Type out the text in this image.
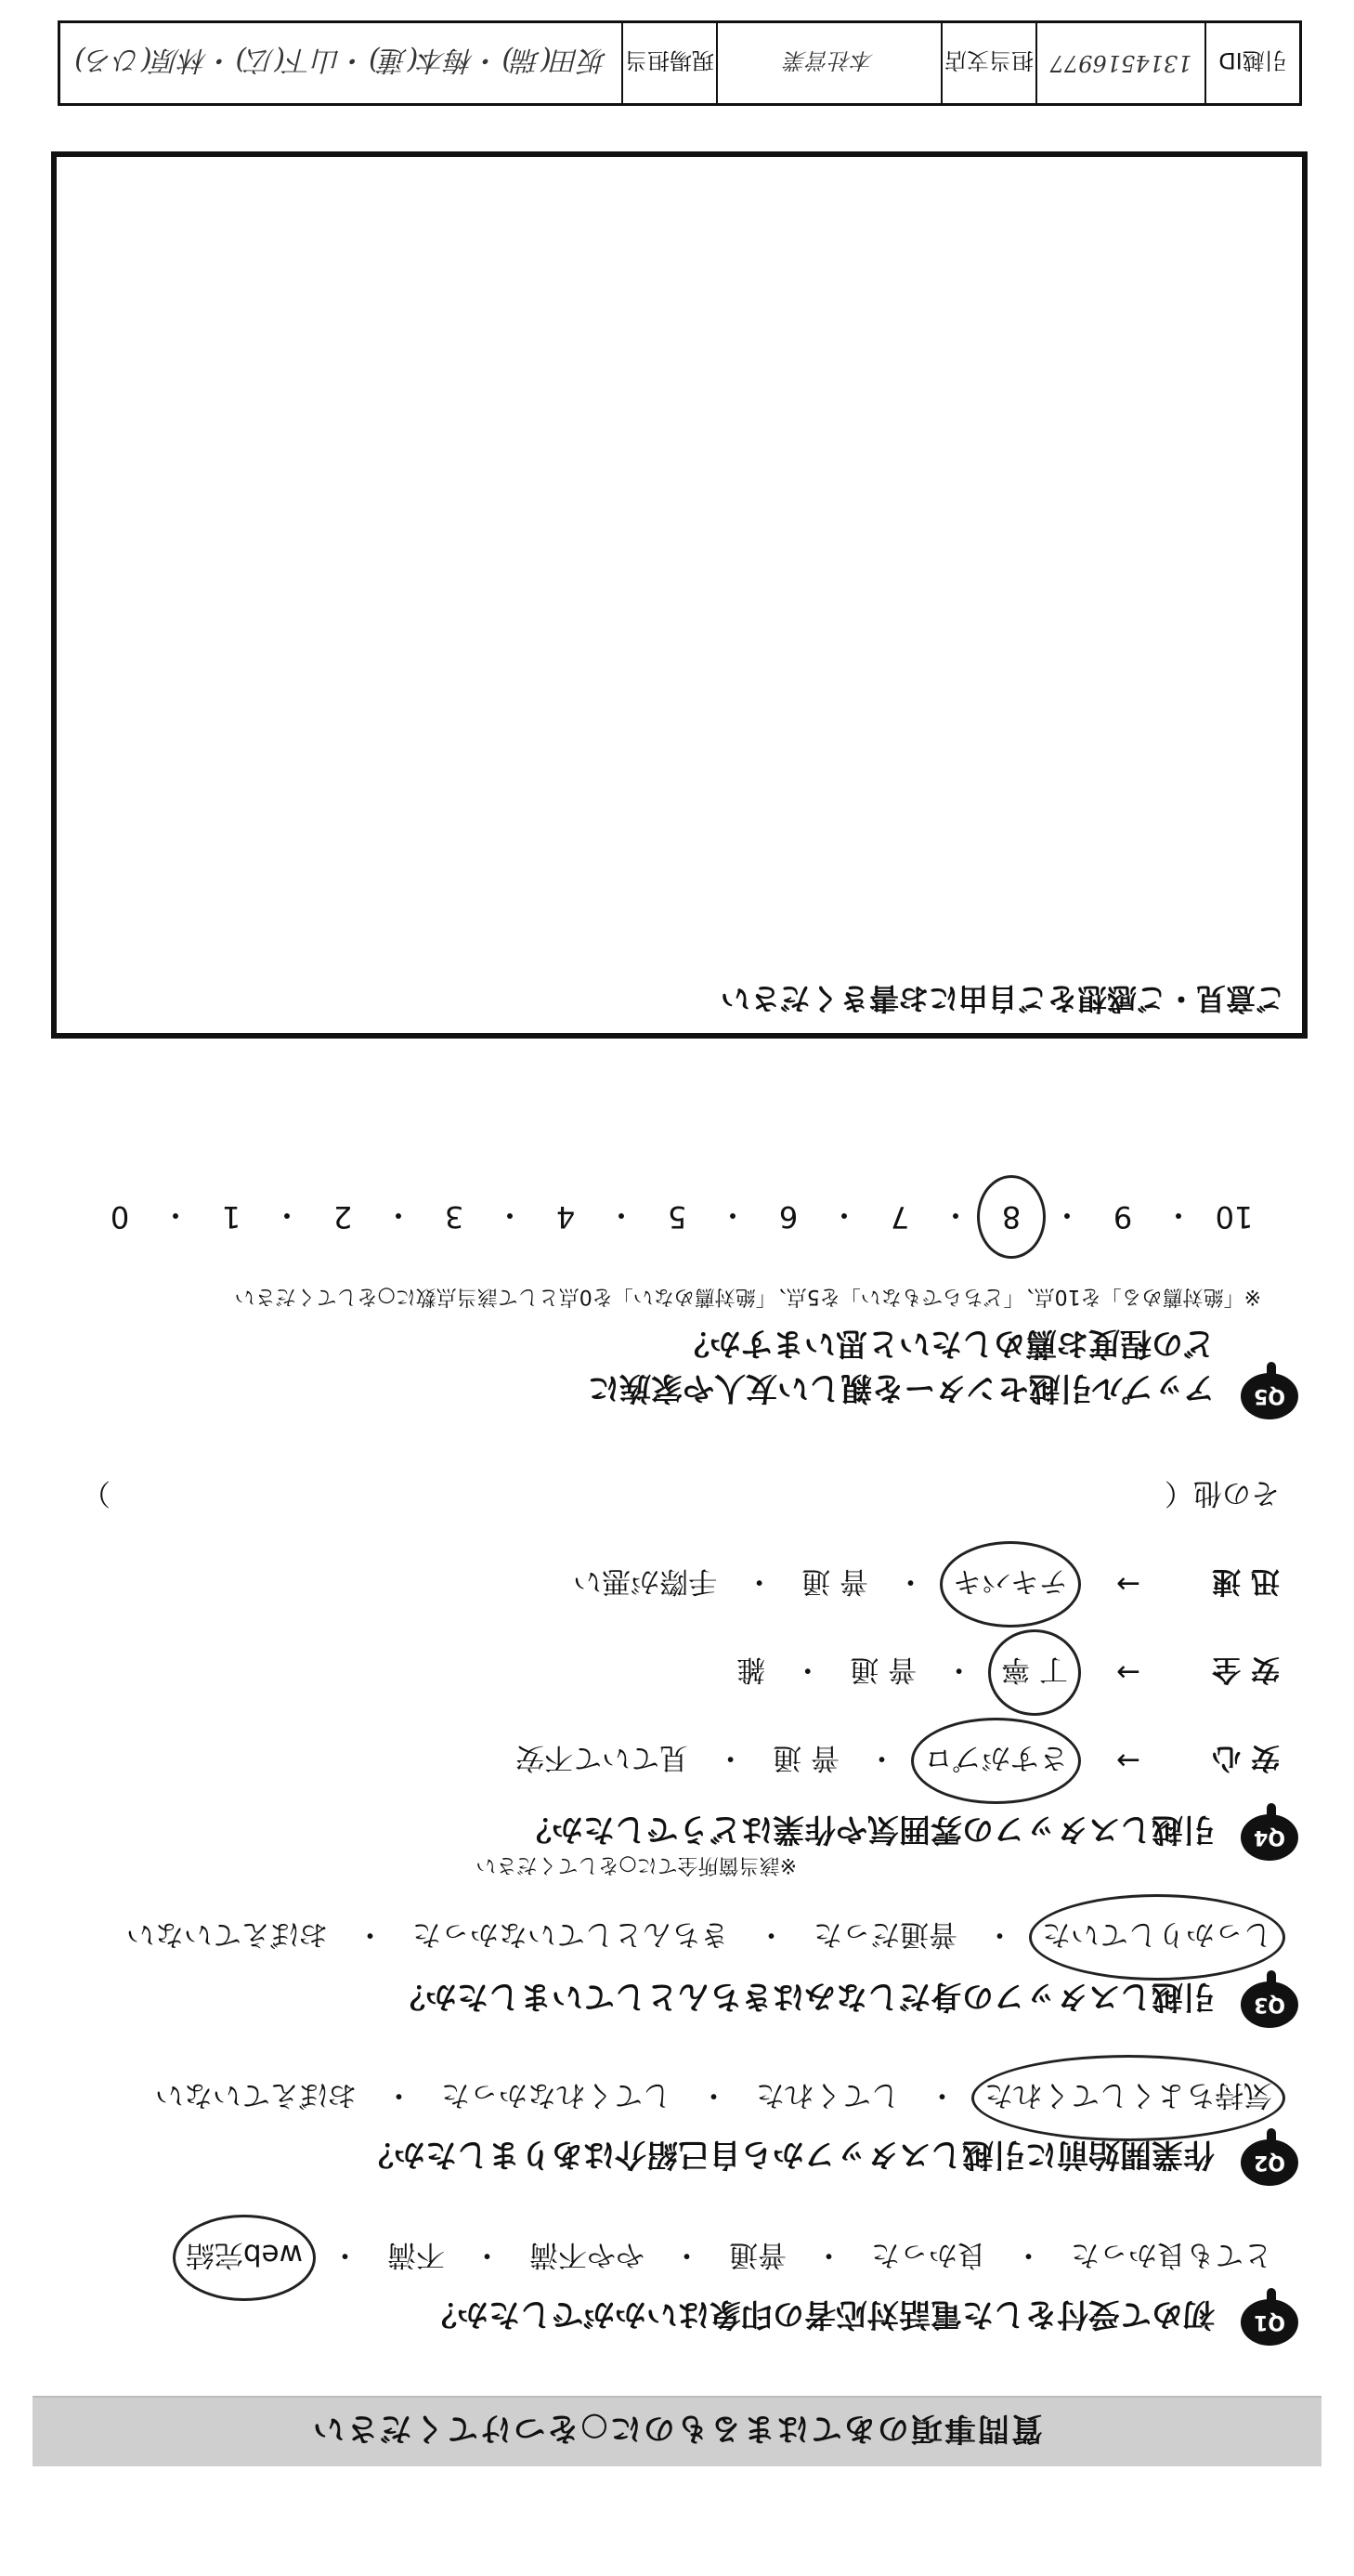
質問事項のあてはまるものに○をつけてください
Q1
初めて受付をした電話対応者の印象はいかがでしたか？
とても良かった
・
良かった
・
普通
・
やや不満
・
不満
・
web完結
Q2
作業開始前に引越しスタッフから自己紹介はありましたか？
気持ちよくしてくれた
・
してくれた
・
してくれなかった
・
おぼえていない
Q3
引越しスタッフの身だしなみはきちんとしていましたか？
しっかりしていた
・
普通だった
・
きちんとしていなかった
・
おぼえていない
Q4
引越しスタッフの雰囲気や作業はどうでしたか？
※該当箇所全てに○をしてください
安 心
→
さすがプロ
・
普 通
・
見ていて不安
安 全
→
丁 寧
・
普 通
・
雑
迅 速
→
テキパキ
・
普 通
・
手際が悪い
その他（
）
Q5
アップル引越センターを親しい友人や家族に
どの程度お薦めしたいと思いますか？
※「絶対薦める」を10点、「どちらでもない」を5点、「絶対薦めない」を0点として該当点数に○をしてください
10
・
9
・
8
・
7
・
6
・
5
・
4
・
3
・
2
・
1
・
0
ご意見・ご感想をご自由にお書きください
引越ID
1314516977
担当支店
本社営業
現場担当
坂田(瑞)・梅本(蓮)・山下(広)・林原(ひろ)
